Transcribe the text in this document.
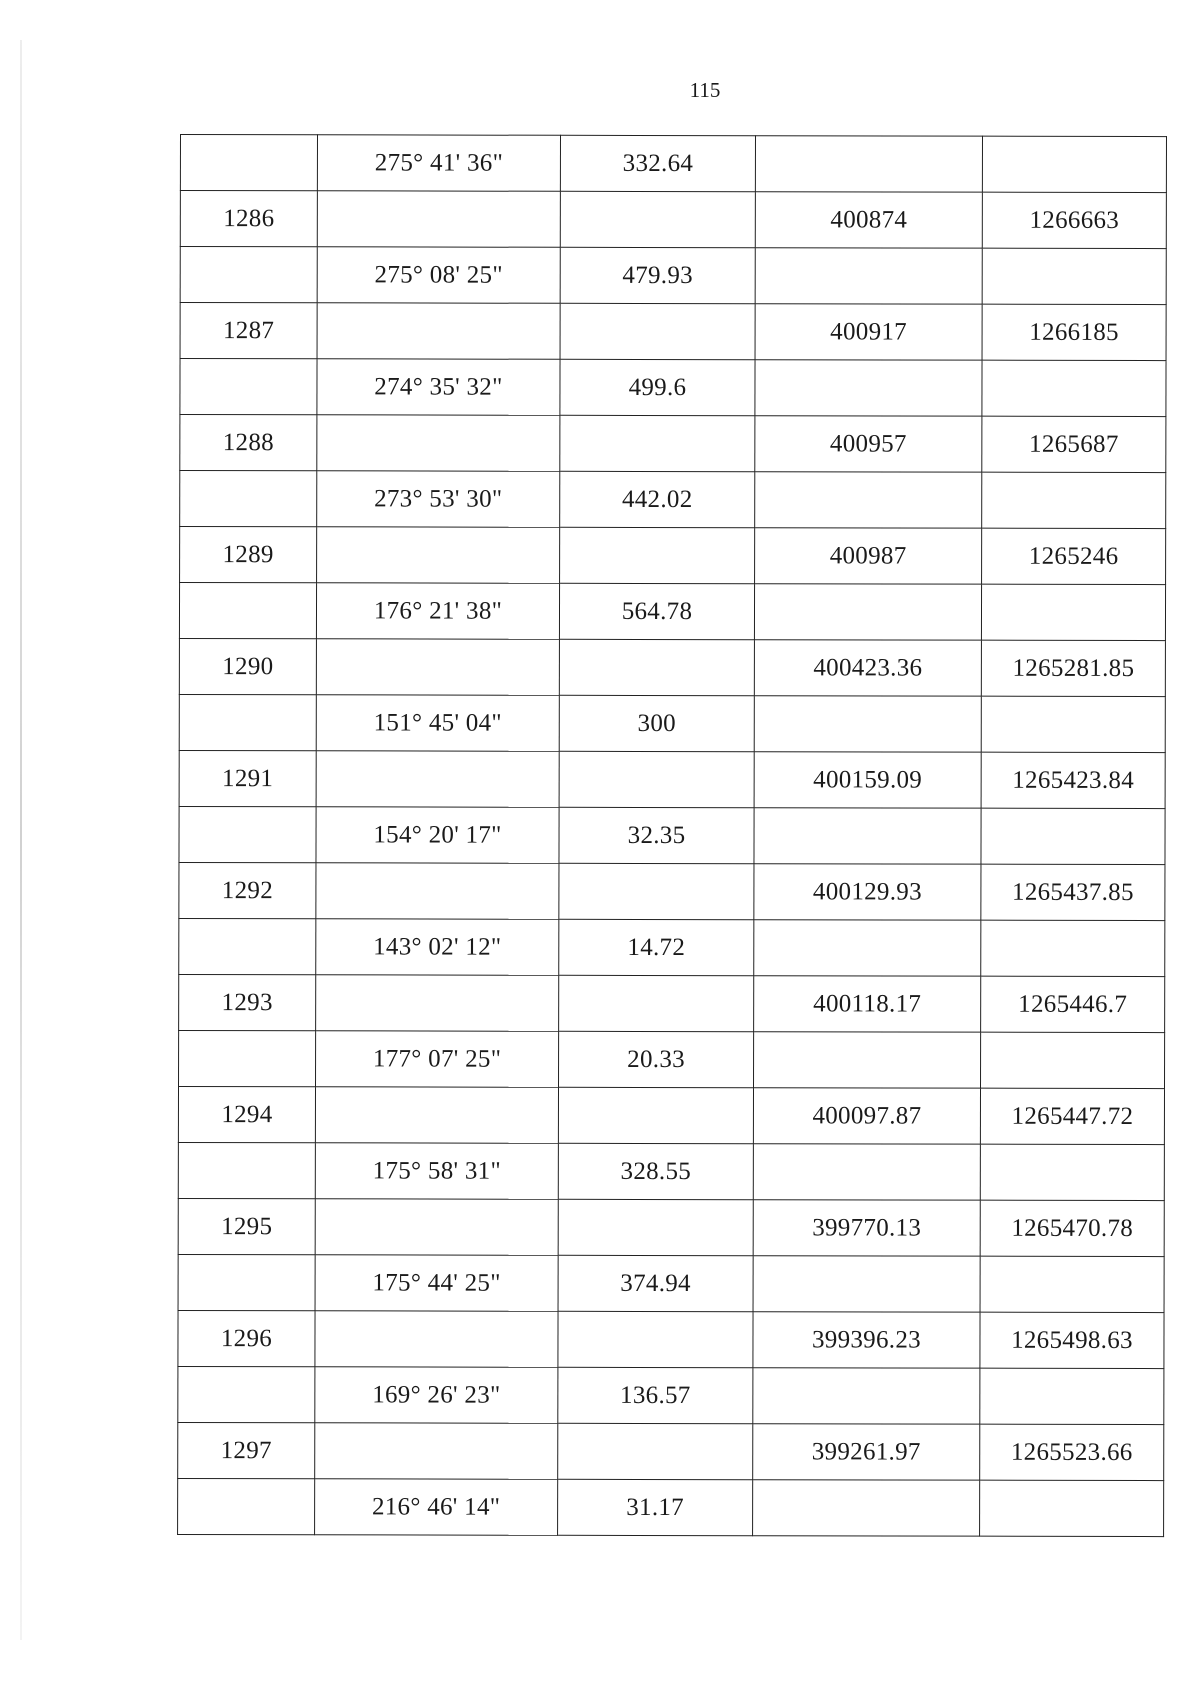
115
	275° 41' 36"	332.64		
1286			400874	1266663
	275° 08' 25"	479.93		
1287			400917	1266185
	274° 35' 32"	499.6		
1288			400957	1265687
	273° 53' 30"	442.02		
1289			400987	1265246
	176° 21' 38"	564.78		
1290			400423.36	1265281.85
	151° 45' 04"	300		
1291			400159.09	1265423.84
	154° 20' 17"	32.35		
1292			400129.93	1265437.85
	143° 02' 12"	14.72		
1293			400118.17	1265446.7
	177° 07' 25"	20.33		
1294			400097.87	1265447.72
	175° 58' 31"	328.55		
1295			399770.13	1265470.78
	175° 44' 25"	374.94		
1296			399396.23	1265498.63
	169° 26' 23"	136.57		
1297			399261.97	1265523.66
	216° 46' 14"	31.17		
